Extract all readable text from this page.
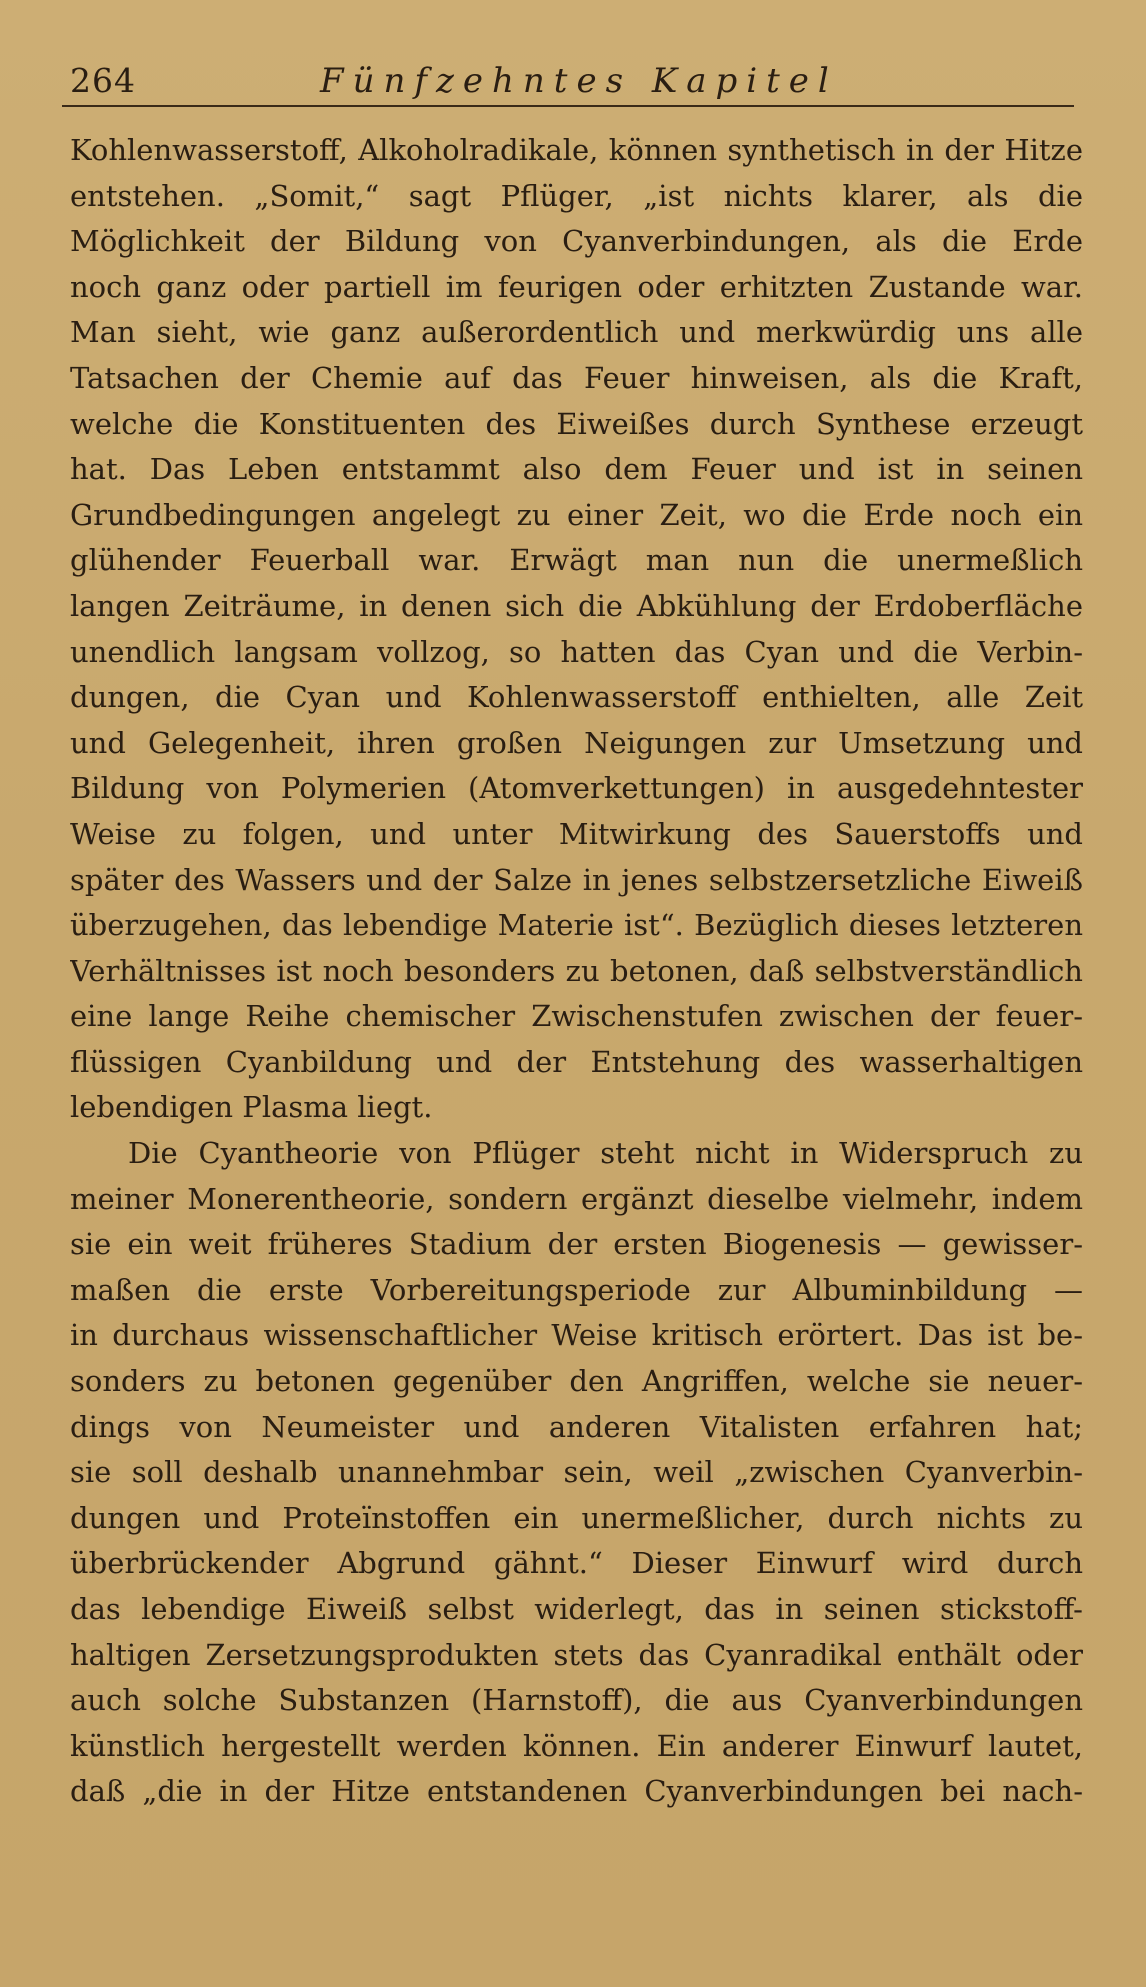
264	Fünfzehntes Kapitel
Kohlenwasserstoff, Alkoholradikale, können synthetisch in der Hitze
entstehen. „Somit,“ sagt Pflüger, „ist nichts klarer, als die
Möglichkeit der Bildung von Cyanverbindungen, als die Erde
noch ganz oder partiell im feurigen oder erhitzten Zustande war.
Man sieht, wie ganz außerordentlich und merkwürdig uns alle
Tatsachen der Chemie auf das Feuer hinweisen, als die Kraft,
welche die Konstituenten des Eiweißes durch Synthese erzeugt
hat. Das Leben entstammt also dem Feuer und ist in seinen
Grundbedingungen angelegt zu einer Zeit, wo die Erde noch ein
glühender Feuerball war. Erwägt man nun die unermeßlich
langen Zeiträume, in denen sich die Abkühlung der Erdoberfläche
unendlich langsam vollzog, so hatten das Cyan und die Verbin-
dungen, die Cyan und Kohlenwasserstoff enthielten, alle Zeit
und Gelegenheit, ihren großen Neigungen zur Umsetzung und
Bildung von Polymerien (Atomverkettungen) in ausgedehntester
Weise zu folgen, und unter Mitwirkung des Sauerstoffs und
später des Wassers und der Salze in jenes selbstzersetzliche Eiweiß
überzugehen, das lebendige Materie ist“. Bezüglich dieses letzteren
Verhältnisses ist noch besonders zu betonen, daß selbstverständlich
eine lange Reihe chemischer Zwischenstufen zwischen der feuer-
flüssigen Cyanbildung und der Entstehung des wasserhaltigen
lebendigen Plasma liegt.
Die Cyantheorie von Pflüger steht nicht in Widerspruch zu
meiner Monerentheorie, sondern ergänzt dieselbe vielmehr, indem
sie ein weit früheres Stadium der ersten Biogenesis — gewisser-
maßen die erste Vorbereitungsperiode zur Albuminbildung —
in durchaus wissenschaftlicher Weise kritisch erörtert. Das ist be-
sonders zu betonen gegenüber den Angriffen, welche sie neuer-
dings von Neumeister und anderen Vitalisten erfahren hat;
sie soll deshalb unannehmbar sein, weil „zwischen Cyanverbin-
dungen und Proteïnstoffen ein unermeßlicher, durch nichts zu
überbrückender Abgrund gähnt.“ Dieser Einwurf wird durch
das lebendige Eiweiß selbst widerlegt, das in seinen stickstoff-
haltigen Zersetzungsprodukten stets das Cyanradikal enthält oder
auch solche Substanzen (Harnstoff), die aus Cyanverbindungen
künstlich hergestellt werden können. Ein anderer Einwurf lautet,
daß „die in der Hitze entstandenen Cyanverbindungen bei nach-
